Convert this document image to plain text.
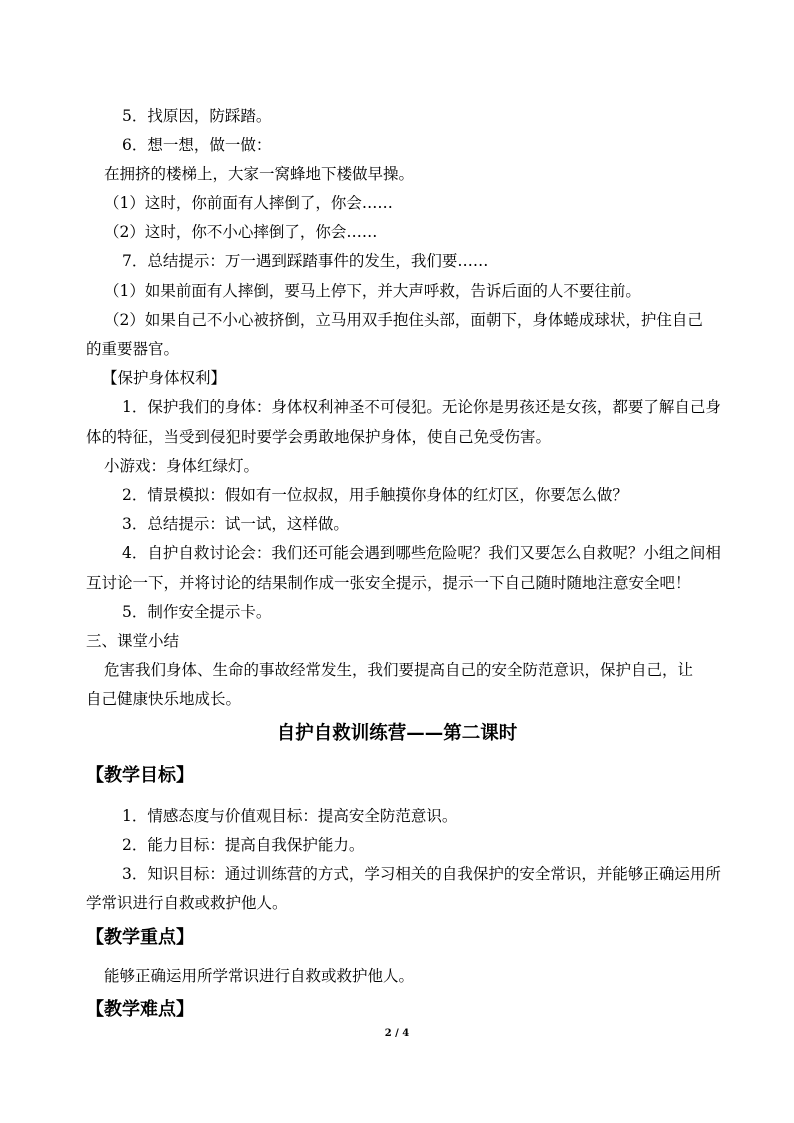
5．找原因，防踩踏。
6．想一想，做一做：
在拥挤的楼梯上，大家一窝蜂地下楼做早操。
（1）这时，你前面有人摔倒了，你会……
（2）这时，你不小心摔倒了，你会……
7．总结提示：万一遇到踩踏事件的发生，我们要……
（1）如果前面有人摔倒，要马上停下，并大声呼救，告诉后面的人不要往前。
（2）如果自己不小心被挤倒，立马用双手抱住头部，面朝下，身体蜷成球状，护住自己
的重要器官。
【保护身体权利】
1．保护我们的身体：身体权利神圣不可侵犯。无论你是男孩还是女孩，都要了解自己身
体的特征，当受到侵犯时要学会勇敢地保护身体，使自己免受伤害。
小游戏：身体红绿灯。
2．情景模拟：假如有一位叔叔，用手触摸你身体的红灯区，你要怎么做？
3．总结提示：试一试，这样做。
4．自护自救讨论会：我们还可能会遇到哪些危险呢？我们又要怎么自救呢？小组之间相
互讨论一下，并将讨论的结果制作成一张安全提示，提示一下自己随时随地注意安全吧！
5．制作安全提示卡。
三、课堂小结
危害我们身体、生命的事故经常发生，我们要提高自己的安全防范意识，保护自己，让
自己健康快乐地成长。
自护自救训练营——第二课时
【教学目标】
1．情感态度与价值观目标：提高安全防范意识。
2．能力目标：提高自我保护能力。
3．知识目标：通过训练营的方式，学习相关的自我保护的安全常识，并能够正确运用所
学常识进行自救或救护他人。
【教学重点】
能够正确运用所学常识进行自救或救护他人。
【教学难点】
2 / 4
